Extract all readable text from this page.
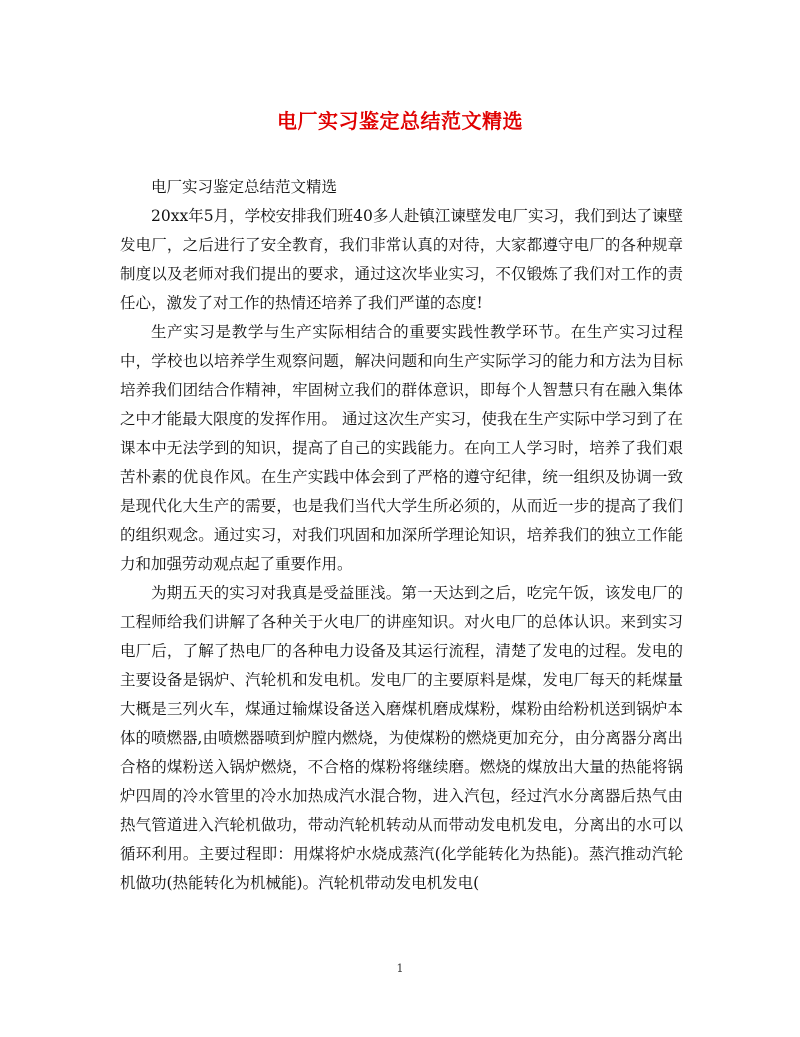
电厂实习鉴定总结范文精选

电厂实习鉴定总结范文精选

20xx年5月，学校安排我们班40多人赴镇江谏壁发电厂实习，我们到达了谏壁发电厂，之后进行了安全教育，我们非常认真的对待，大家都遵守电厂的各种规章制度以及老师对我们提出的要求，通过这次毕业实习，不仅锻炼了我们对工作的责任心，激发了对工作的热情还培养了我们严谨的态度!

生产实习是教学与生产实际相结合的重要实践性教学环节。在生产实习过程中，学校也以培养学生观察问题，解决问题和向生产实际学习的能力和方法为目标培养我们团结合作精神，牢固树立我们的群体意识，即每个人智慧只有在融入集体之中才能最大限度的发挥作用。 通过这次生产实习，使我在生产实际中学习到了在课本中无法学到的知识，提高了自己的实践能力。在向工人学习时，培养了我们艰苦朴素的优良作风。在生产实践中体会到了严格的遵守纪律，统一组织及协调一致是现代化大生产的需要，也是我们当代大学生所必须的，从而近一步的提高了我们的组织观念。通过实习，对我们巩固和加深所学理论知识，培养我们的独立工作能力和加强劳动观点起了重要作用。

为期五天的实习对我真是受益匪浅。第一天达到之后，吃完午饭，该发电厂的工程师给我们讲解了各种关于火电厂的讲座知识。对火电厂的总体认识。来到实习电厂后，了解了热电厂的各种电力设备及其运行流程，清楚了发电的过程。发电的主要设备是锅炉、汽轮机和发电机。发电厂的主要原料是煤，发电厂每天的耗煤量大概是三列火车，煤通过输煤设备送入磨煤机磨成煤粉，煤粉由给粉机送到锅炉本体的喷燃器,由喷燃器喷到炉膛内燃烧，为使煤粉的燃烧更加充分，由分离器分离出合格的煤粉送入锅炉燃烧，不合格的煤粉将继续磨。燃烧的煤放出大量的热能将锅炉四周的冷水管里的冷水加热成汽水混合物，进入汽包，经过汽水分离器后热气由热气管道进入汽轮机做功，带动汽轮机转动从而带动发电机发电，分离出的水可以循环利用。主要过程即：用煤将炉水烧成蒸汽(化学能转化为热能)。蒸汽推动汽轮机做功(热能转化为机械能)。汽轮机带动发电机发电(

1
